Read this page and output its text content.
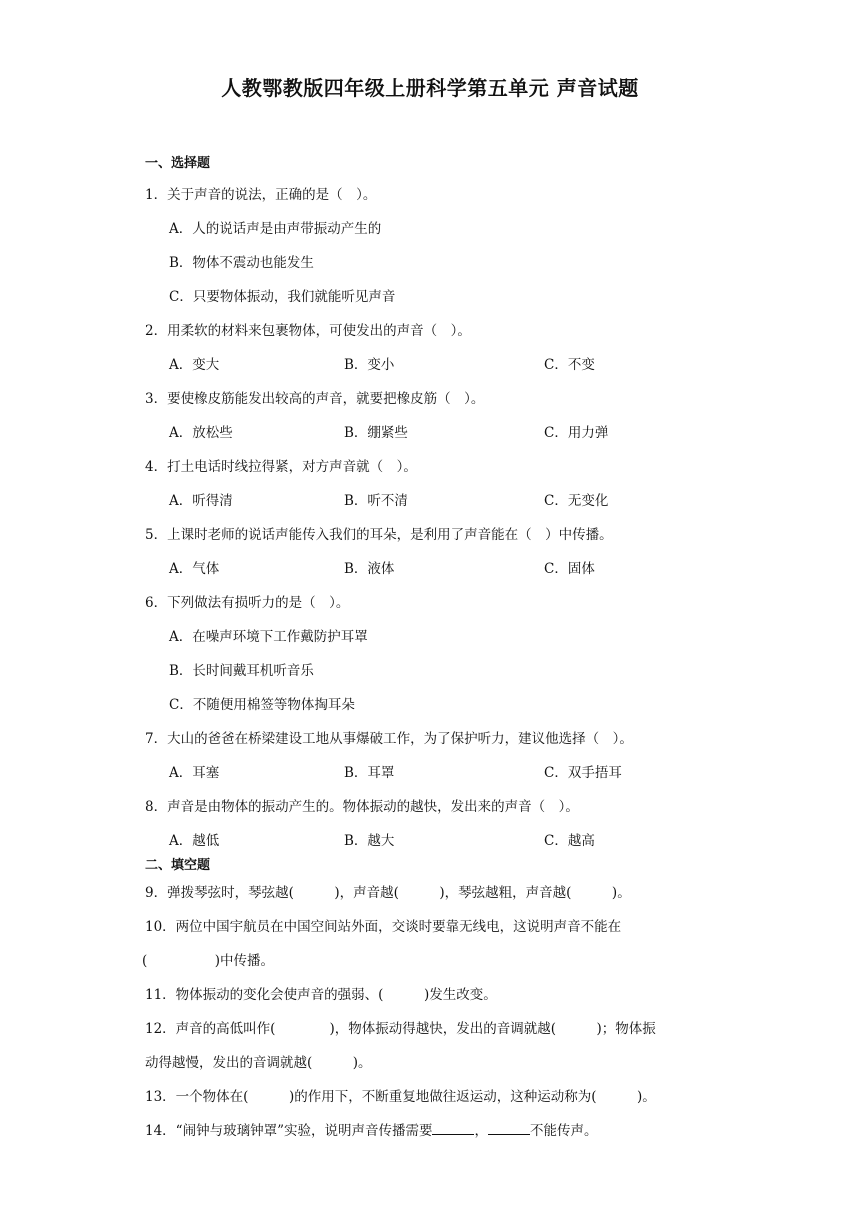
人教鄂教版四年级上册科学第五单元 声音试题
一、选择题
1．关于声音的说法，正确的是（　）。
A．人的说话声是由声带振动产生的
B．物体不震动也能发生
C．只要物体振动，我们就能听见声音
2．用柔软的材料来包裹物体，可使发出的声音（　）。
A．变大	B．变小	C．不变
3．要使橡皮筋能发出较高的声音，就要把橡皮筋（　）。
A．放松些	B．绷紧些	C．用力弹
4．打土电话时线拉得紧，对方声音就（　）。
A．听得清	B．听不清	C．无变化
5．上课时老师的说话声能传入我们的耳朵，是利用了声音能在（　）中传播。
A．气体	B．液体	C．固体
6．下列做法有损听力的是（　）。
A．在噪声环境下工作戴防护耳罩
B．长时间戴耳机听音乐
C．不随便用棉签等物体掏耳朵
7．大山的爸爸在桥梁建设工地从事爆破工作，为了保护听力，建议他选择（　）。
A．耳塞	B．耳罩	C．双手捂耳
8．声音是由物体的振动产生的。物体振动的越快，发出来的声音（　）。
A．越低	B．越大	C．越高
二、填空题
9．弹拨琴弦时，琴弦越(　　　)，声音越(　　　)，琴弦越粗，声音越(　　　)。
10．两位中国宇航员在中国空间站外面，交谈时要靠无线电，这说明声音不能在
(　　　　　)中传播。
11．物体振动的变化会使声音的强弱、(　　　)发生改变。
12．声音的高低叫作(　　　　)，物体振动得越快，发出的音调就越(　　　)；物体振
动得越慢，发出的音调就越(　　　)。
13．一个物体在(　　　)的作用下，不断重复地做往返运动，这种运动称为(　　　)。
14．“闹钟与玻璃钟罩”实验，说明声音传播需要	，	不能传声。
